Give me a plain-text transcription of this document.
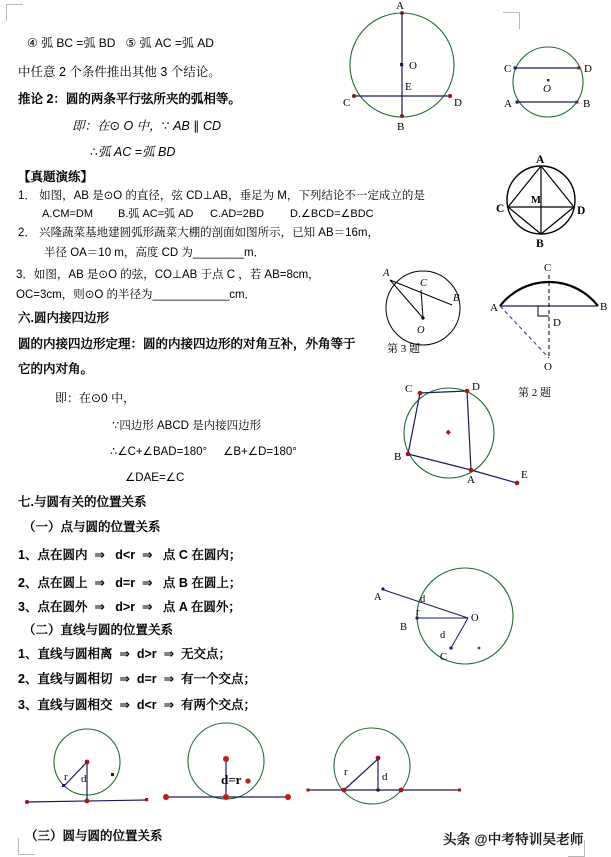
④ 弧 BC =弧 BD   ⑤ 弧 AC =弧 AD
中任意 2 个条件推出其他 3 个结论。
推论 2：圆的两条平行弦所夹的弧相等。
即：在⊙ O 中，∵ AB ∥ CD
∴弧 AC =弧 BD
【真题演练】
1． 如图，AB 是⊙O 的直径，弦 CD⊥AB，垂足为 M，下列结论不一定成立的是
A.CM=DM B.弧 AC=弧 AD C.AD=2BD D.∠BCD=∠BDC
2． 兴隆蔬菜基地建圆弧形蔬菜大棚的剖面如图所示，已知 AB＝16m，
半径 OA＝10 m，高度 CD 为________m．
3．如图，AB 是⊙O 的弦，CO⊥AB 于点 C ，若 AB=8cm，
OC=3cm，则⊙O 的半径为____________cm．
六.圆内接四边形
圆的内接四边形定理：圆的内接四边形的对角互补，外角等于
它的内对角。
即：在⊙0 中，
∵四边形 ABCD 是内接四边形
∴∠C+∠BAD=180°     ∠B+∠D=180°
∠DAE=∠C
七.与圆有关的位置关系
（一）点与圆的位置关系
1、点在圆内  ⇒   d<r  ⇒   点 C 在圆内；
2、点在圆上  ⇒   d=r  ⇒   点 B 在圆上；
3、点在圆外  ⇒   d>r  ⇒   点 A 在圆外；
（二）直线与圆的位置关系
1、直线与圆相离  ⇒  d>r  ⇒  无交点；
2、直线与圆相切  ⇒  d=r  ⇒  有一个交点；
3、直线与圆相交  ⇒  d<r  ⇒  有两个交点；
（三）圆与圆的位置关系	头条 @中考特训吴老师
A
O
E
C	D
B
C	D
A	B
O
A
C	D
B
M
A
C
B
O
第 3 题
C
A	B
D
O
第 2 题
C	D
B
A	E
A	d
r
O
B
d
C
r d	d=r	r	d
